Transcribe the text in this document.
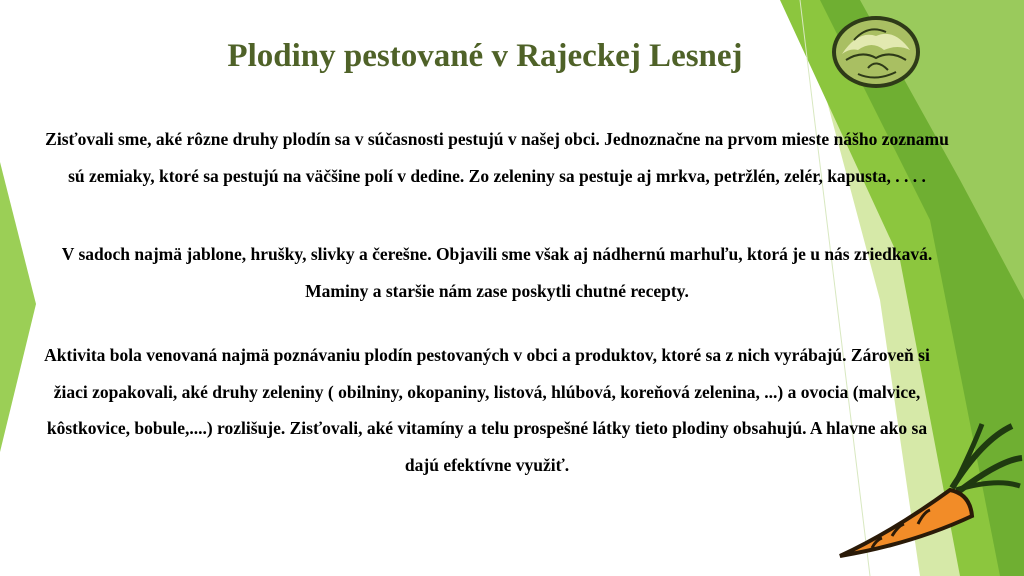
Plodiny pestované v Rajeckej Lesnej

Zisťovali sme, aké rôzne druhy plodín sa v súčasnosti pestujú v našej obci. Jednoznačne na prvom mieste nášho zoznamu sú zemiaky, ktoré sa pestujú na väčšine polí v dedine. Zo zeleniny sa pestuje aj mrkva, petržlén, zelér, kapusta, . . . .

V sadoch najmä jablone, hrušky, slivky a čerešne. Objavili sme však aj nádhernú marhuľu, ktorá je u nás zriedkavá. Maminy a staršie nám zase poskytli chutné recepty.

Aktivita bola venovaná najmä poznávaniu plodín pestovaných v obci a produktov, ktoré sa z nich vyrábajú. Zároveň si žiaci zopakovali, aké druhy zeleniny ( obilniny, okopaniny, listová, hlúbová, koreňová zelenina, ...) a ovocia (malvice, kôstkovice, bobule,....) rozlišuje. Zisťovali, aké vitamíny a telu prospešné látky tieto plodiny obsahujú. A hlavne ako sa dajú efektívne využiť.
